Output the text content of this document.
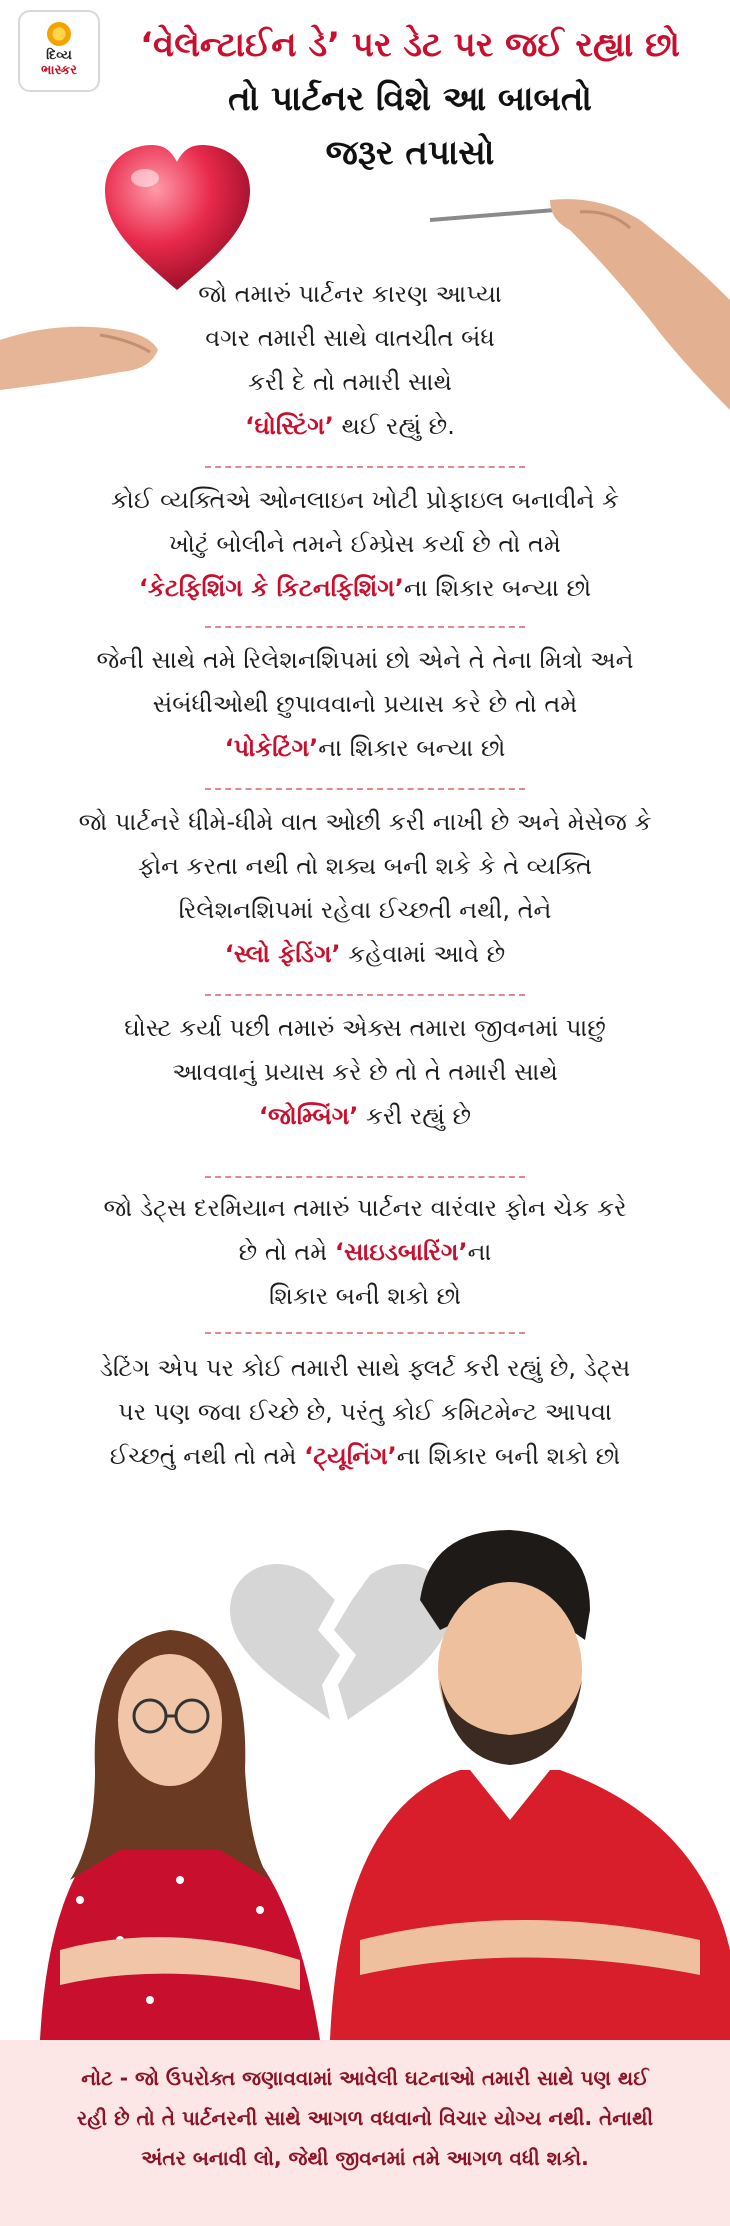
દિવ્ય
ભાસ્કર
‘વેલેન્ટાઈન ડે’ પર ડેટ પર જઈ રહ્યા છો
તો પાર્ટનર વિશે આ બાબતો
જરૂર તપાસો
જો તમારું પાર્ટનર કારણ આપ્યા
વગર તમારી સાથે વાતચીત બંધ
કરી દે તો તમારી સાથે
‘ઘોસ્ટિંગ’ થઈ રહ્યું છે.
કોઈ વ્યક્તિએ ઓનલાઇન ખોટી પ્રોફાઇલ બનાવીને કે
ખોટું બોલીને તમને ઈમ્પ્રેસ કર્યા છે તો તમે
‘કેટફિશિંગ કે કિટનફિશિંગ’ના શિકાર બન્યા છો
જેની સાથે તમે રિલેશનશિપમાં છો એને તે તેના મિત્રો અને
સંબંધીઓથી છુપાવવાનો પ્રયાસ કરે છે તો તમે
‘પોકેટિંગ’ના શિકાર બન્યા છો
જો પાર્ટનરે ધીમે-ધીમે વાત ઓછી કરી નાખી છે અને મેસેજ કે
ફોન કરતા નથી તો શક્ય બની શકે કે તે વ્યક્તિ
રિલેશનશિપમાં રહેવા ઈચ્છતી નથી, તેને
‘સ્લો ફેડિંગ’ કહેવામાં આવે છે
ઘોસ્ટ કર્યા પછી તમારું એક્સ તમારા જીવનમાં પાછું
આવવાનું પ્રયાસ કરે છે તો તે તમારી સાથે
‘જોમ્બિંગ’ કરી રહ્યું છે
જો ડેટ્સ દરમિયાન તમારું પાર્ટનર વારંવાર ફોન ચેક કરે
છે તો તમે ‘સાઇડબારિંગ’ના
શિકાર બની શકો છો
ડેટિંગ એપ પર કોઈ તમારી સાથે ફ્લર્ટ કરી રહ્યું છે, ડેટ્સ
પર પણ જવા ઈચ્છે છે, પરંતુ કોઈ કમિટમેન્ટ આપવા
ઈચ્છતું નથી તો તમે ‘ટ્યૂનિંગ’ના શિકાર બની શકો છો
નોટ - જો ઉપરોક્ત જણાવવામાં આવેલી ઘટનાઓ તમારી સાથે પણ થઈ
રહી છે તો તે પાર્ટનરની સાથે આગળ વધવાનો વિચાર યોગ્ય નથી. તેનાથી
અંતર બનાવી લો, જેથી જીવનમાં તમે આગળ વધી શકો.
